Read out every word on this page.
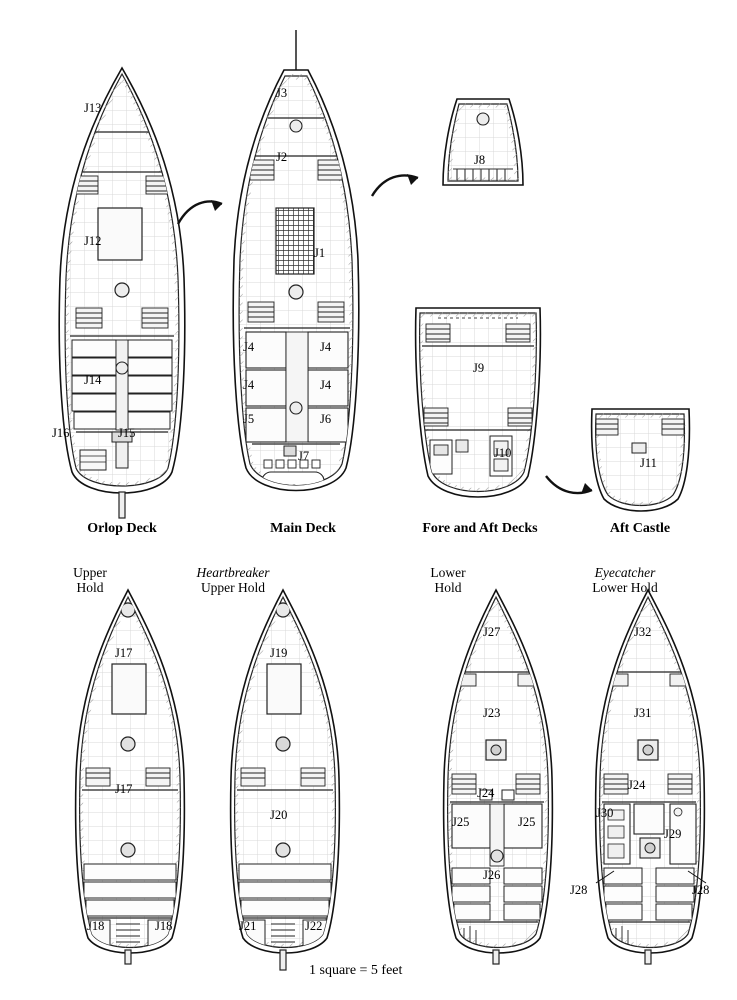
J13
J12
J14
J16	J15
Orlop Deck
J3
J2
J1
J4	J4
J4	J4
J5	J6
J7
Main Deck
J8
J9
J10
Fore and Aft Decks
J11
Aft Castle
Upper
Hold
J17
J17
J18	J18
Heartbreaker
Upper Hold
J19
J20
J21	J22
Lower
Hold
J27
J23
J24
J25	J25
J26
Eyecatcher
Lower Hold
J32
J31
J24
J30
J29
J28	J28
1 square = 5 feet
